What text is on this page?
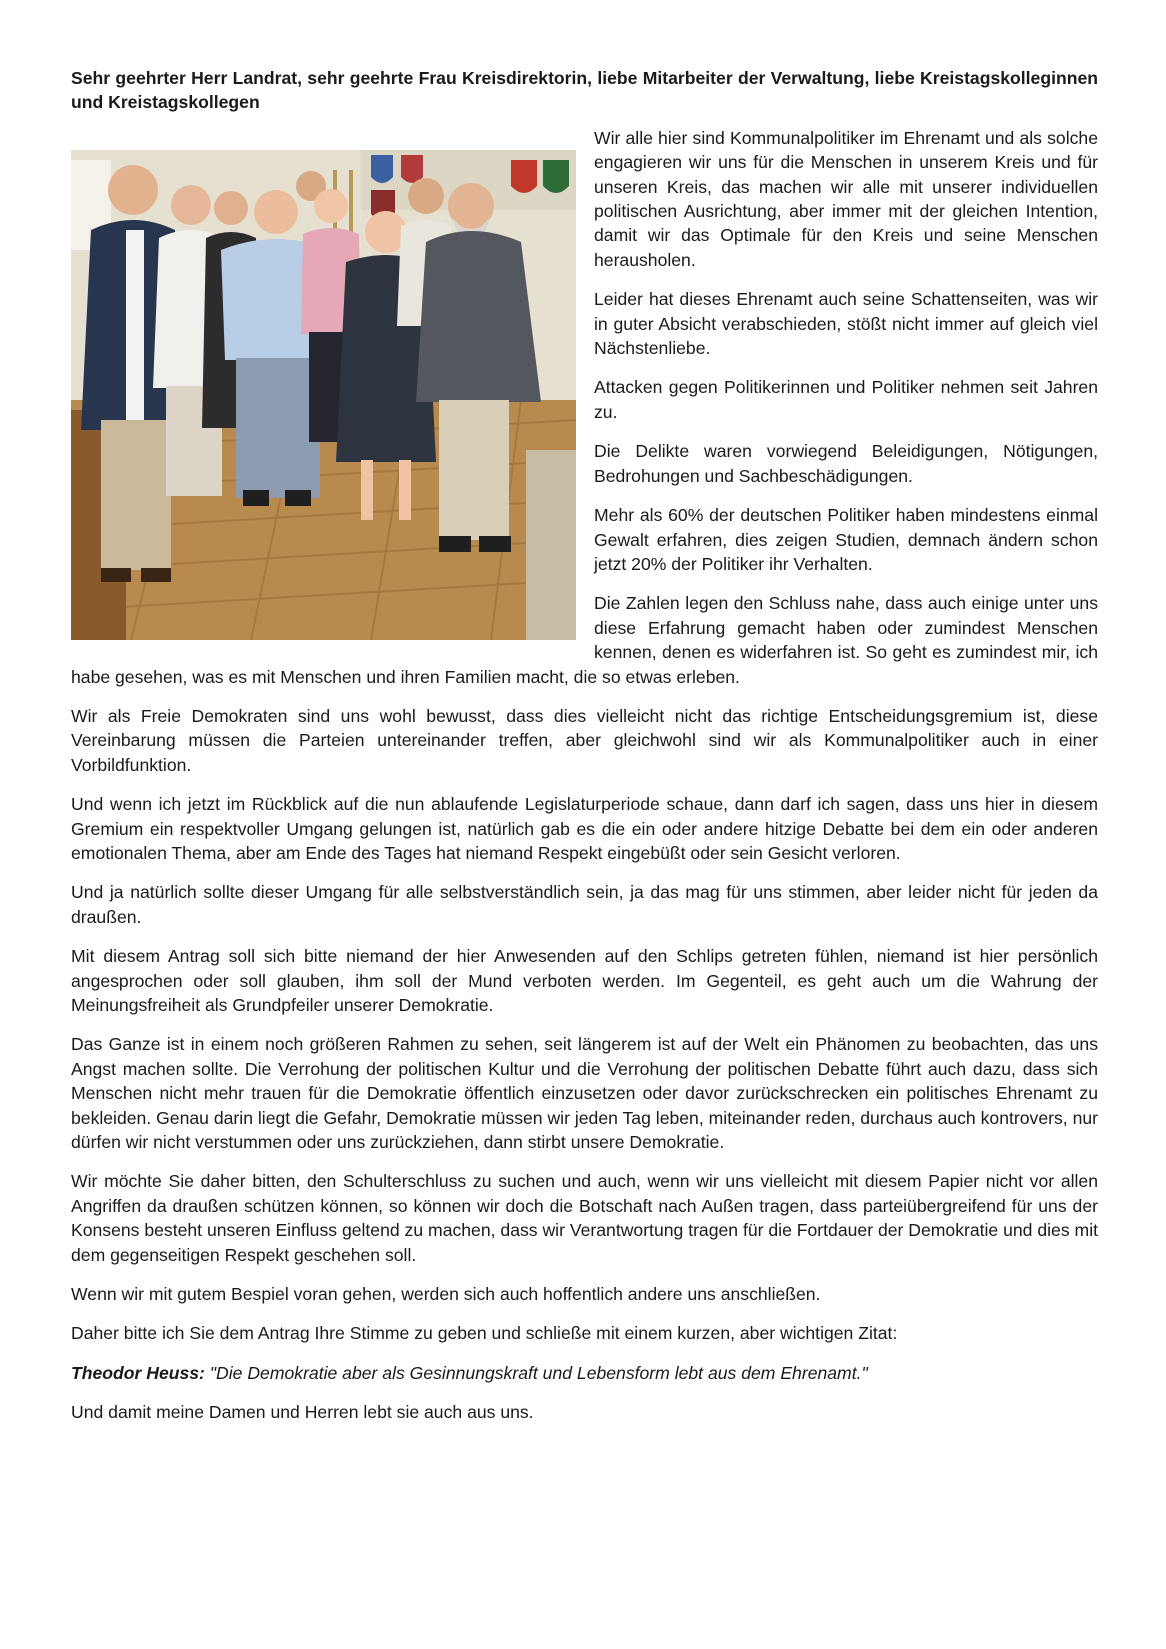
Sehr geehrter Herr Landrat, sehr geehrte Frau Kreisdirektorin, liebe Mitarbeiter der Verwaltung, liebe Kreistagskolleginnen und Kreistagskollegen

Wir alle hier sind Kommunalpolitiker im Ehrenamt und als solche engagieren wir uns für die Menschen in unserem Kreis und für unseren Kreis, das machen wir alle mit unserer individuellen politischen Ausrichtung, aber immer mit der gleichen Intention, damit wir das Optimale für den Kreis und seine Menschen herausholen.

Leider hat dieses Ehrenamt auch seine Schattenseiten, was wir in guter Absicht verabschieden, stößt nicht immer auf gleich viel Nächstenliebe.

Attacken gegen Politikerinnen und Politiker nehmen seit Jahren zu.

Die Delikte waren vorwiegend Beleidigungen, Nötigungen, Bedrohungen und Sachbeschädigungen.

Mehr als 60% der deutschen Politiker haben mindestens einmal Gewalt erfahren, dies zeigen Studien, demnach ändern schon jetzt 20% der Politiker ihr Verhalten.

Die Zahlen legen den Schluss nahe, dass auch einige unter uns diese Erfahrung gemacht haben oder zumindest Menschen kennen, denen es widerfahren ist. So geht es zumindest mir, ich habe gesehen, was es mit Menschen und ihren Familien macht, die so etwas erleben.

Wir als Freie Demokraten sind uns wohl bewusst, dass dies vielleicht nicht das richtige Entscheidungsgremium ist, diese Vereinbarung müssen die Parteien untereinander treffen, aber gleichwohl sind wir als Kommunalpolitiker auch in einer Vorbildfunktion.

Und wenn ich jetzt im Rückblick auf die nun ablaufende Legislaturperiode schaue, dann darf ich sagen, dass uns hier in diesem Gremium ein respektvoller Umgang gelungen ist, natürlich gab es die ein oder andere hitzige Debatte bei dem ein oder anderen emotionalen Thema, aber am Ende des Tages hat niemand Respekt eingebüßt oder sein Gesicht verloren.

Und ja natürlich sollte dieser Umgang für alle selbstverständlich sein, ja das mag für uns stimmen, aber leider nicht für jeden da draußen.

Mit diesem Antrag soll sich bitte niemand der hier Anwesenden auf den Schlips getreten fühlen, niemand ist hier persönlich angesprochen oder soll glauben, ihm soll der Mund verboten werden. Im Gegenteil, es geht auch um die Wahrung der Meinungsfreiheit als Grundpfeiler unserer Demokratie.

Das Ganze ist in einem noch größeren Rahmen zu sehen, seit längerem ist auf der Welt ein Phänomen zu beobachten, das uns Angst machen sollte. Die Verrohung der politischen Kultur und die Verrohung der politischen Debatte führt auch dazu, dass sich Menschen nicht mehr trauen für die Demokratie öffentlich einzusetzen oder davor zurückschrecken ein politisches Ehrenamt zu bekleiden. Genau darin liegt die Gefahr, Demokratie müssen wir jeden Tag leben, miteinander reden, durchaus auch kontrovers, nur dürfen wir nicht verstummen oder uns zurückziehen, dann stirbt unsere Demokratie.

Wir möchte Sie daher bitten, den Schulterschluss zu suchen und auch, wenn wir uns vielleicht mit diesem Papier nicht vor allen Angriffen da draußen schützen können, so können wir doch die Botschaft nach Außen tragen, dass parteiübergreifend für uns der Konsens besteht unseren Einfluss geltend zu machen, dass wir Verantwortung tragen für die Fortdauer der Demokratie und dies mit dem gegenseitigen Respekt geschehen soll.

Wenn wir mit gutem Bespiel voran gehen, werden sich auch hoffentlich andere uns anschließen.

Daher bitte ich Sie dem Antrag Ihre Stimme zu geben und schließe mit einem kurzen, aber wichtigen Zitat:

Theodor Heuss: "Die Demokratie aber als Gesinnungskraft und Lebensform lebt aus dem Ehrenamt."

Und damit meine Damen und Herren lebt sie auch aus uns.
